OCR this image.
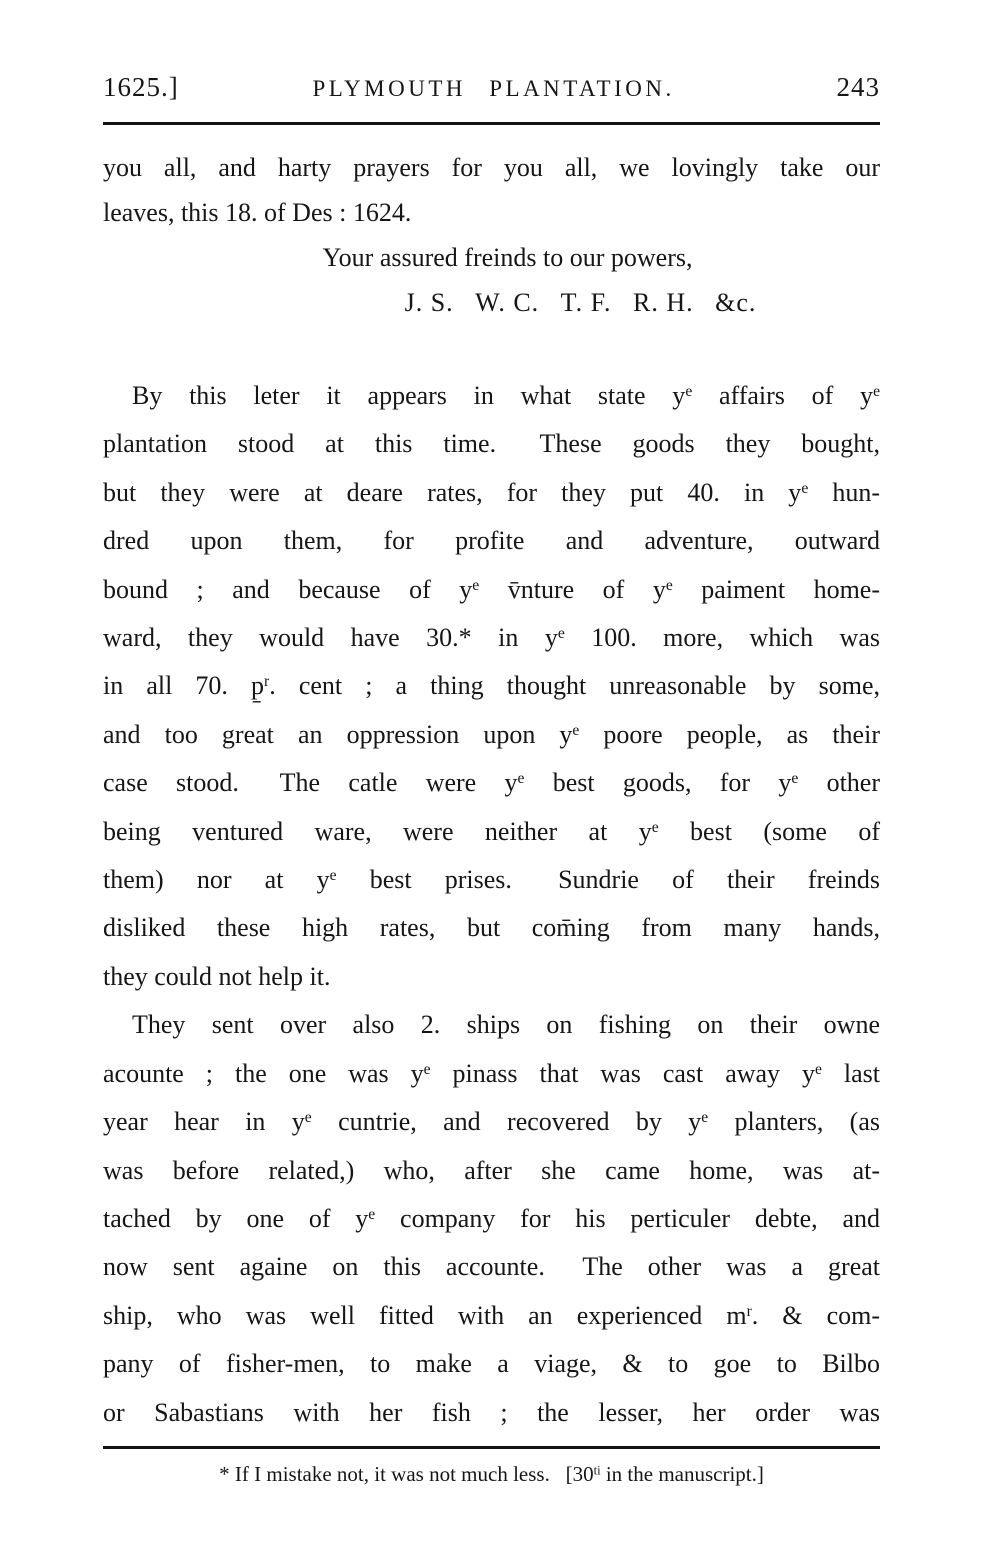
1625.]	PLYMOUTH PLANTATION.	243
you all, and harty prayers for you all, we lovingly take our
leaves, this 18. of Des : 1624.
Your assured freinds to our powers,
J. S.  W. C.  T. F.  R. H.  &c.
By this leter it appears in what state $y^e$ affairs of $y^e$
plantation stood at this time.  These goods they bought,
but they were at deare rates, for they put 40. in $y^e$ hun-
dred upon them, for profite and adventure, outward
bound ; and because of $y^e$ v̄nture of $y^e$ paiment home-
ward, they would have 30.* in $y^e$ 100. more, which was
in all 70. p̱$^r$. cent ; a thing thought unreasonable by some,
and too great an oppression upon $y^e$ poore people, as their
case stood.  The catle were $y^e$ best goods, for $y^e$ other
being ventured ware, were neither at $y^e$ best (some of
them) nor at $y^e$ best prises.  Sundrie of their freinds
disliked these high rates, but com̄ing from many hands,
they could not help it.
They sent over also 2. ships on fishing on their owne
acounte ; the one was $y^e$ pinass that was cast away $y^e$ last
year hear in $y^e$ cuntrie, and recovered by $y^e$ planters, (as
was before related,) who, after she came home, was at-
tached by one of $y^e$ company for his perticuler debte, and
now sent againe on this accounte.  The other was a great
ship, who was well fitted with an experienced $m^r$. & com-
pany of fisher-men, to make a viage, & to goe to Bilbo
or Sabastians with her fish ; the lesser, her order was
* If I mistake not, it was not much less.  [$30^{ti}$ in the manuscript.]
